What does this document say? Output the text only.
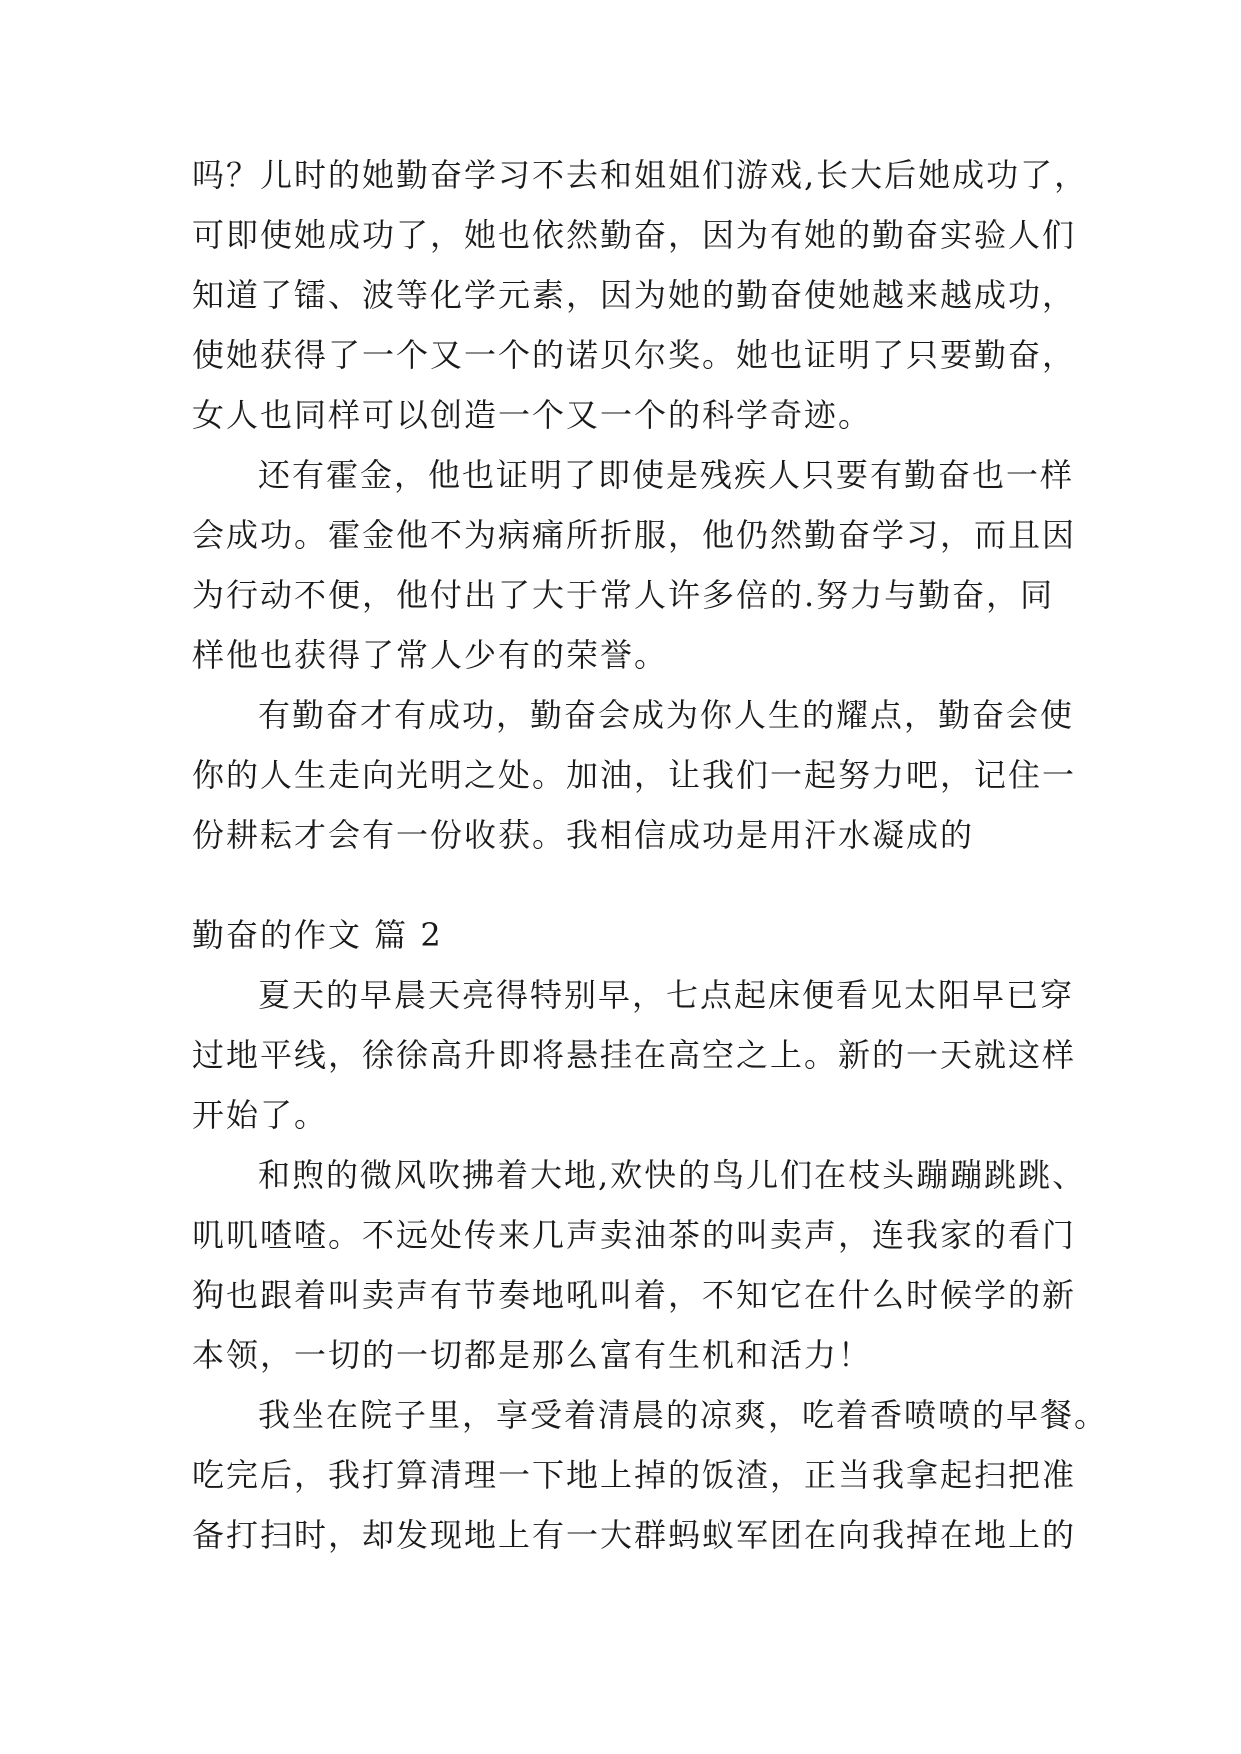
吗？儿时的她勤奋学习不去和姐姐们游戏,长大后她成功了，
可即使她成功了，她也依然勤奋，因为有她的勤奋实验人们
知道了镭、波等化学元素，因为她的勤奋使她越来越成功，
使她获得了一个又一个的诺贝尔奖。她也证明了只要勤奋，
女人也同样可以创造一个又一个的科学奇迹。
还有霍金，他也证明了即使是残疾人只要有勤奋也一样
会成功。霍金他不为病痛所折服，他仍然勤奋学习，而且因
为行动不便，他付出了大于常人许多倍的.努力与勤奋，同
样他也获得了常人少有的荣誉。
有勤奋才有成功，勤奋会成为你人生的耀点，勤奋会使
你的人生走向光明之处。加油，让我们一起努力吧，记住一
份耕耘才会有一份收获。我相信成功是用汗水凝成的
勤奋的作文 篇 2
夏天的早晨天亮得特别早，七点起床便看见太阳早已穿
过地平线，徐徐高升即将悬挂在高空之上。新的一天就这样
开始了。
和煦的微风吹拂着大地,欢快的鸟儿们在枝头蹦蹦跳跳、
叽叽喳喳。不远处传来几声卖油茶的叫卖声，连我家的看门
狗也跟着叫卖声有节奏地吼叫着，不知它在什么时候学的新
本领，一切的一切都是那么富有生机和活力！
我坐在院子里，享受着清晨的凉爽，吃着香喷喷的早餐。
吃完后，我打算清理一下地上掉的饭渣，正当我拿起扫把准
备打扫时，却发现地上有一大群蚂蚁军团在向我掉在地上的
